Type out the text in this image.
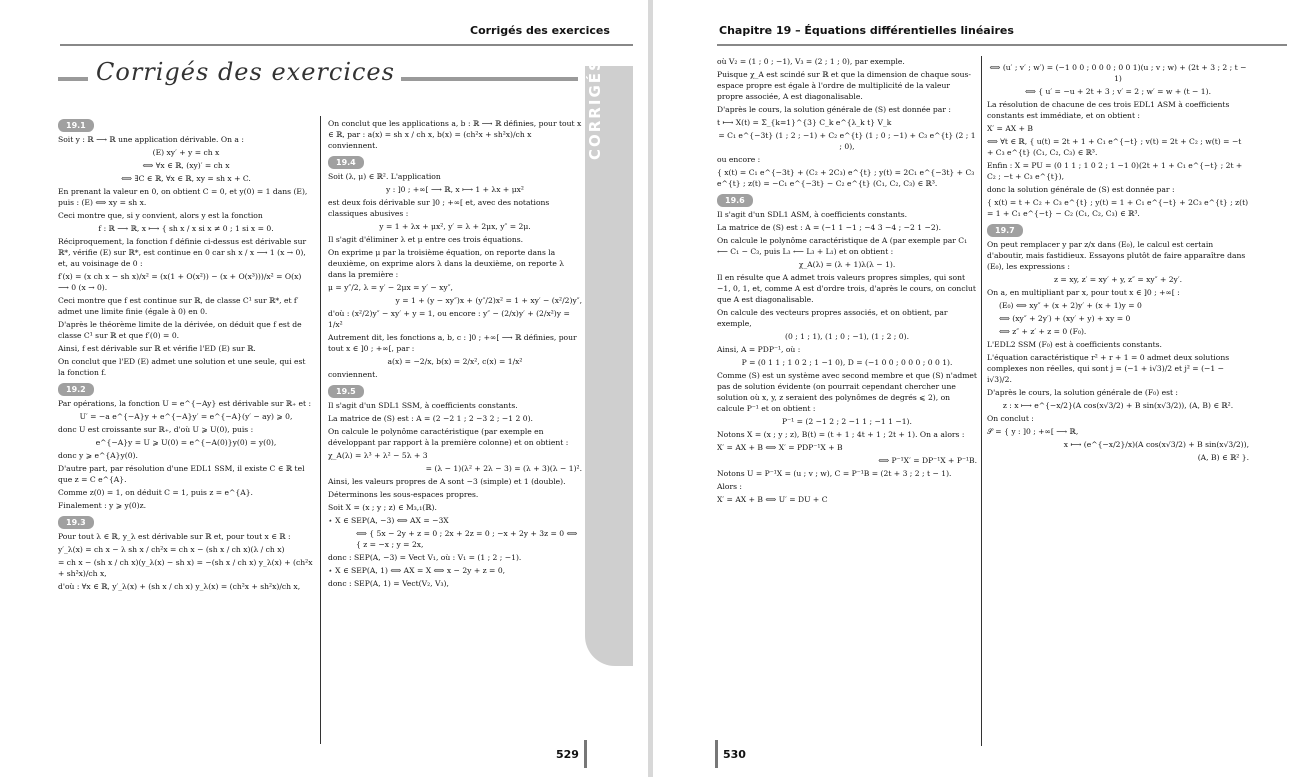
Corrigés des exercices
Corrigés des exercices	CORRIGÉS
19.1

Soit y : ℝ ⟶ ℝ une application dérivable. On a :

(E) xy′ + y = ch x

⟺ ∀x ∈ ℝ, (xy)′ = ch x

⟺ ∃C ∈ ℝ, ∀x ∈ ℝ, xy = sh x + C.

En prenant la valeur en 0, on obtient C = 0, et y(0) = 1 dans (E), puis : (E) ⟺ xy = sh x.

Ceci montre que, si y convient, alors y est la fonction

f : ℝ ⟶ ℝ, x ⟼ { sh x / x si x ≠ 0 ; 1 si x = 0.

Réciproquement, la fonction f définie ci-dessus est dérivable sur ℝ*, vérifie (E) sur ℝ*, est continue en 0 car sh x / x ⟶ 1 (x → 0), et, au voisinage de 0 :

f′(x) = (x ch x − sh x)/x² = (x(1 + O(x²)) − (x + O(x³)))/x² = O(x) ⟶ 0 (x → 0).

Ceci montre que f est continue sur ℝ, de classe C¹ sur ℝ*, et f′ admet une limite finie (égale à 0) en 0.

D'après le théorème limite de la dérivée, on déduit que f est de classe C¹ sur ℝ et que f′(0) = 0.

Ainsi, f est dérivable sur ℝ et vérifie l'ED (E) sur ℝ.

On conclut que l'ED (E) admet une solution et une seule, qui est la fonction f.

19.2

Par opérations, la fonction U = e^{−Ay} est dérivable sur ℝ₊ et :

U′ = −a e^{−A}y + e^{−A}y′ = e^{−A}(y′ − ay) ⩾ 0,

donc U est croissante sur ℝ₊, d'où U ⩾ U(0), puis :

e^{−A}y = U ⩾ U(0) = e^{−A(0)}y(0) = y(0),

donc y ⩾ e^{A}y(0).

D'autre part, par résolution d'une EDL1 SSM, il existe C ∈ ℝ tel que z = C e^{A}.

Comme z(0) = 1, on déduit C = 1, puis z = e^{A}.

Finalement : y ⩾ y(0)z.

19.3

Pour tout λ ∈ ℝ, y_λ est dérivable sur ℝ et, pour tout x ∈ ℝ :

y′_λ(x) = ch x − λ sh x / ch²x = ch x − (sh x / ch x)(λ / ch x)

= ch x − (sh x / ch x)(y_λ(x) − sh x) = −(sh x / ch x) y_λ(x) + (ch²x + sh²x)/ch x,

d'où : ∀x ∈ ℝ, y′_λ(x) + (sh x / ch x) y_λ(x) = (ch²x + sh²x)/ch x,

On conclut que les applications a, b : ℝ ⟶ ℝ définies, pour tout x ∈ ℝ, par : a(x) = sh x / ch x, b(x) = (ch²x + sh²x)/ch x conviennent.

19.4

Soit (λ, μ) ∈ ℝ². L'application

y : ]0 ; +∞[ ⟶ ℝ, x ⟼ 1 + λx + μx²

est deux fois dérivable sur ]0 ; +∞[ et, avec des notations classiques abusives :

y = 1 + λx + μx², y′ = λ + 2μx, y″ = 2μ.

Il s'agit d'éliminer λ et μ entre ces trois équations.

On exprime μ par la troisième équation, on reporte dans la deuxième, on exprime alors λ dans la deuxième, on reporte λ dans la première :

μ = y″/2, λ = y′ − 2μx = y′ − xy″,

y = 1 + (y − xy″)x + (y″/2)x² = 1 + xy′ − (x²/2)y″,

d'où : (x²/2)y″ − xy′ + y = 1, ou encore : y″ − (2/x)y′ + (2/x²)y = 1/x²

Autrement dit, les fonctions a, b, c : ]0 ; +∞[ ⟶ ℝ définies, pour tout x ∈ ]0 ; +∞[, par :

a(x) = −2/x, b(x) = 2/x², c(x) = 1/x²

conviennent.

19.5

Il s'agit d'un SDL1 SSM, à coefficients constants.

La matrice de (S) est : A = (2 −2 1 ; 2 −3 2 ; −1 2 0).

On calcule le polynôme caractéristique (par exemple en développant par rapport à la première colonne) et on obtient :

χ_A(λ) = λ³ + λ² − 5λ + 3

= (λ − 1)(λ² + 2λ − 3) = (λ + 3)(λ − 1)².

Ainsi, les valeurs propres de A sont −3 (simple) et 1 (double).

Déterminons les sous-espaces propres.

Soit X = (x ; y ; z) ∈ M₃,₁(ℝ).

⋆ X ∈ SEP(A, −3) ⟺ AX = −3X

⟺ { 5x − 2y + z = 0 ; 2x + 2z = 0 ; −x + 2y + 3z = 0 ⟺ { z = −x ; y = 2x,

donc : SEP(A, −3) = Vect V₁, où : V₁ = (1 ; 2 ; −1).

⋆ X ∈ SEP(A, 1) ⟺ AX = X ⟺ x − 2y + z = 0,

donc : SEP(A, 1) = Vect(V₂, V₃),

529
Chapitre 19 – Équations différentielles linéaires

où V₂ = (1 ; 0 ; −1), V₃ = (2 ; 1 ; 0), par exemple.

Puisque χ_A est scindé sur ℝ et que la dimension de chaque sous-espace propre est égale à l'ordre de multiplicité de la valeur propre associée, A est diagonalisable.

D'après le cours, la solution générale de (S) est donnée par :

t ⟼ X(t) = Σ_{k=1}^{3} C_k e^{λ_k t} V_k

= C₁ e^{−3t} (1 ; 2 ; −1) + C₂ e^{t} (1 ; 0 ; −1) + C₃ e^{t} (2 ; 1 ; 0),

ou encore :

{ x(t) = C₁ e^{−3t} + (C₂ + 2C₃) e^{t} ; y(t) = 2C₁ e^{−3t} + C₃ e^{t} ; z(t) = −C₁ e^{−3t} − C₂ e^{t} (C₁, C₂, C₃) ∈ ℝ³.

19.6

Il s'agit d'un SDL1 ASM, à coefficients constants.

La matrice de (S) est : A = (−1 1 −1 ; −4 3 −4 ; −2 1 −2).

On calcule le polynôme caractéristique de A (par exemple par C₁ ⟵ C₁ − C₃, puis L₃ ⟵ L₃ + L₁) et on obtient :

χ_A(λ) = (λ + 1)λ(λ − 1).

Il en résulte que A admet trois valeurs propres simples, qui sont −1, 0, 1, et, comme A est d'ordre trois, d'après le cours, on conclut que A est diagonalisable.

On calcule des vecteurs propres associés, et on obtient, par exemple,

(0 ; 1 ; 1), (1 ; 0 ; −1), (1 ; 2 ; 0).

Ainsi, A = PDP⁻¹, où :

P = (0 1 1 ; 1 0 2 ; 1 −1 0), D = (−1 0 0 ; 0 0 0 ; 0 0 1).

Comme (S) est un système avec second membre et que (S) n'admet pas de solution évidente (on pourrait cependant chercher une solution où x, y, z seraient des polynômes de degrés ⩽ 2), on calcule P⁻¹ et on obtient :

P⁻¹ = (2 −1 2 ; 2 −1 1 ; −1 1 −1).

Notons X = (x ; y ; z), B(t) = (t + 1 ; 4t + 1 ; 2t + 1). On a alors :

X′ = AX + B ⟺ X′ = PDP⁻¹X + B

⟺ P⁻¹X′ = DP⁻¹X + P⁻¹B.

Notons U = P⁻¹X = (u ; v ; w), C = P⁻¹B = (2t + 3 ; 2 ; t − 1).

Alors :

X′ = AX + B ⟺ U′ = DU + C

⟺ (u′ ; v′ ; w′) = (−1 0 0 ; 0 0 0 ; 0 0 1)(u ; v ; w) + (2t + 3 ; 2 ; t − 1)

⟺ { u′ = −u + 2t + 3 ; v′ = 2 ; w′ = w + (t − 1).

La résolution de chacune de ces trois EDL1 ASM à coefficients constants est immédiate, et on obtient :

X′ = AX + B

⟺ ∀t ∈ ℝ, { u(t) = 2t + 1 + C₁ e^{−t} ; v(t) = 2t + C₂ ; w(t) = −t + C₃ e^{t} (C₁, C₂, C₃) ∈ ℝ³.

Enfin : X = PU = (0 1 1 ; 1 0 2 ; 1 −1 0)(2t + 1 + C₁ e^{−t} ; 2t + C₂ ; −t + C₃ e^{t}),

donc la solution générale de (S) est donnée par :

{ x(t) = t + C₂ + C₃ e^{t} ; y(t) = 1 + C₁ e^{−t} + 2C₃ e^{t} ; z(t) = 1 + C₁ e^{−t} − C₂ (C₁, C₂, C₃) ∈ ℝ³.

19.7

On peut remplacer y par z/x dans (E₀), le calcul est certain d'aboutir, mais fastidieux. Essayons plutôt de faire apparaître dans (E₀), les expressions :

z = xy, z′ = xy′ + y, z″ = xy″ + 2y′.

On a, en multipliant par x, pour tout x ∈ ]0 ; +∞[ :

(E₀) ⟺ xy″ + (x + 2)y′ + (x + 1)y = 0

⟺ (xy″ + 2y′) + (xy′ + y) + xy = 0

⟺ z″ + z′ + z = 0 (F₀).

L'EDL2 SSM (F₀) est à coefficients constants.

L'équation caractéristique r² + r + 1 = 0 admet deux solutions complexes non réelles, qui sont j = (−1 + i√3)/2 et j² = (−1 − i√3)/2.

D'après le cours, la solution générale de (F₀) est :

z : x ⟼ e^{−x/2}(A cos(x√3/2) + B sin(x√3/2)), (A, B) ∈ ℝ².

On conclut :

𝒮 = { y : ]0 ; +∞[ ⟶ ℝ,

x ⟼ (e^{−x/2}/x)(A cos(x√3/2) + B sin(x√3/2)),

(A, B) ∈ ℝ² }.

530
